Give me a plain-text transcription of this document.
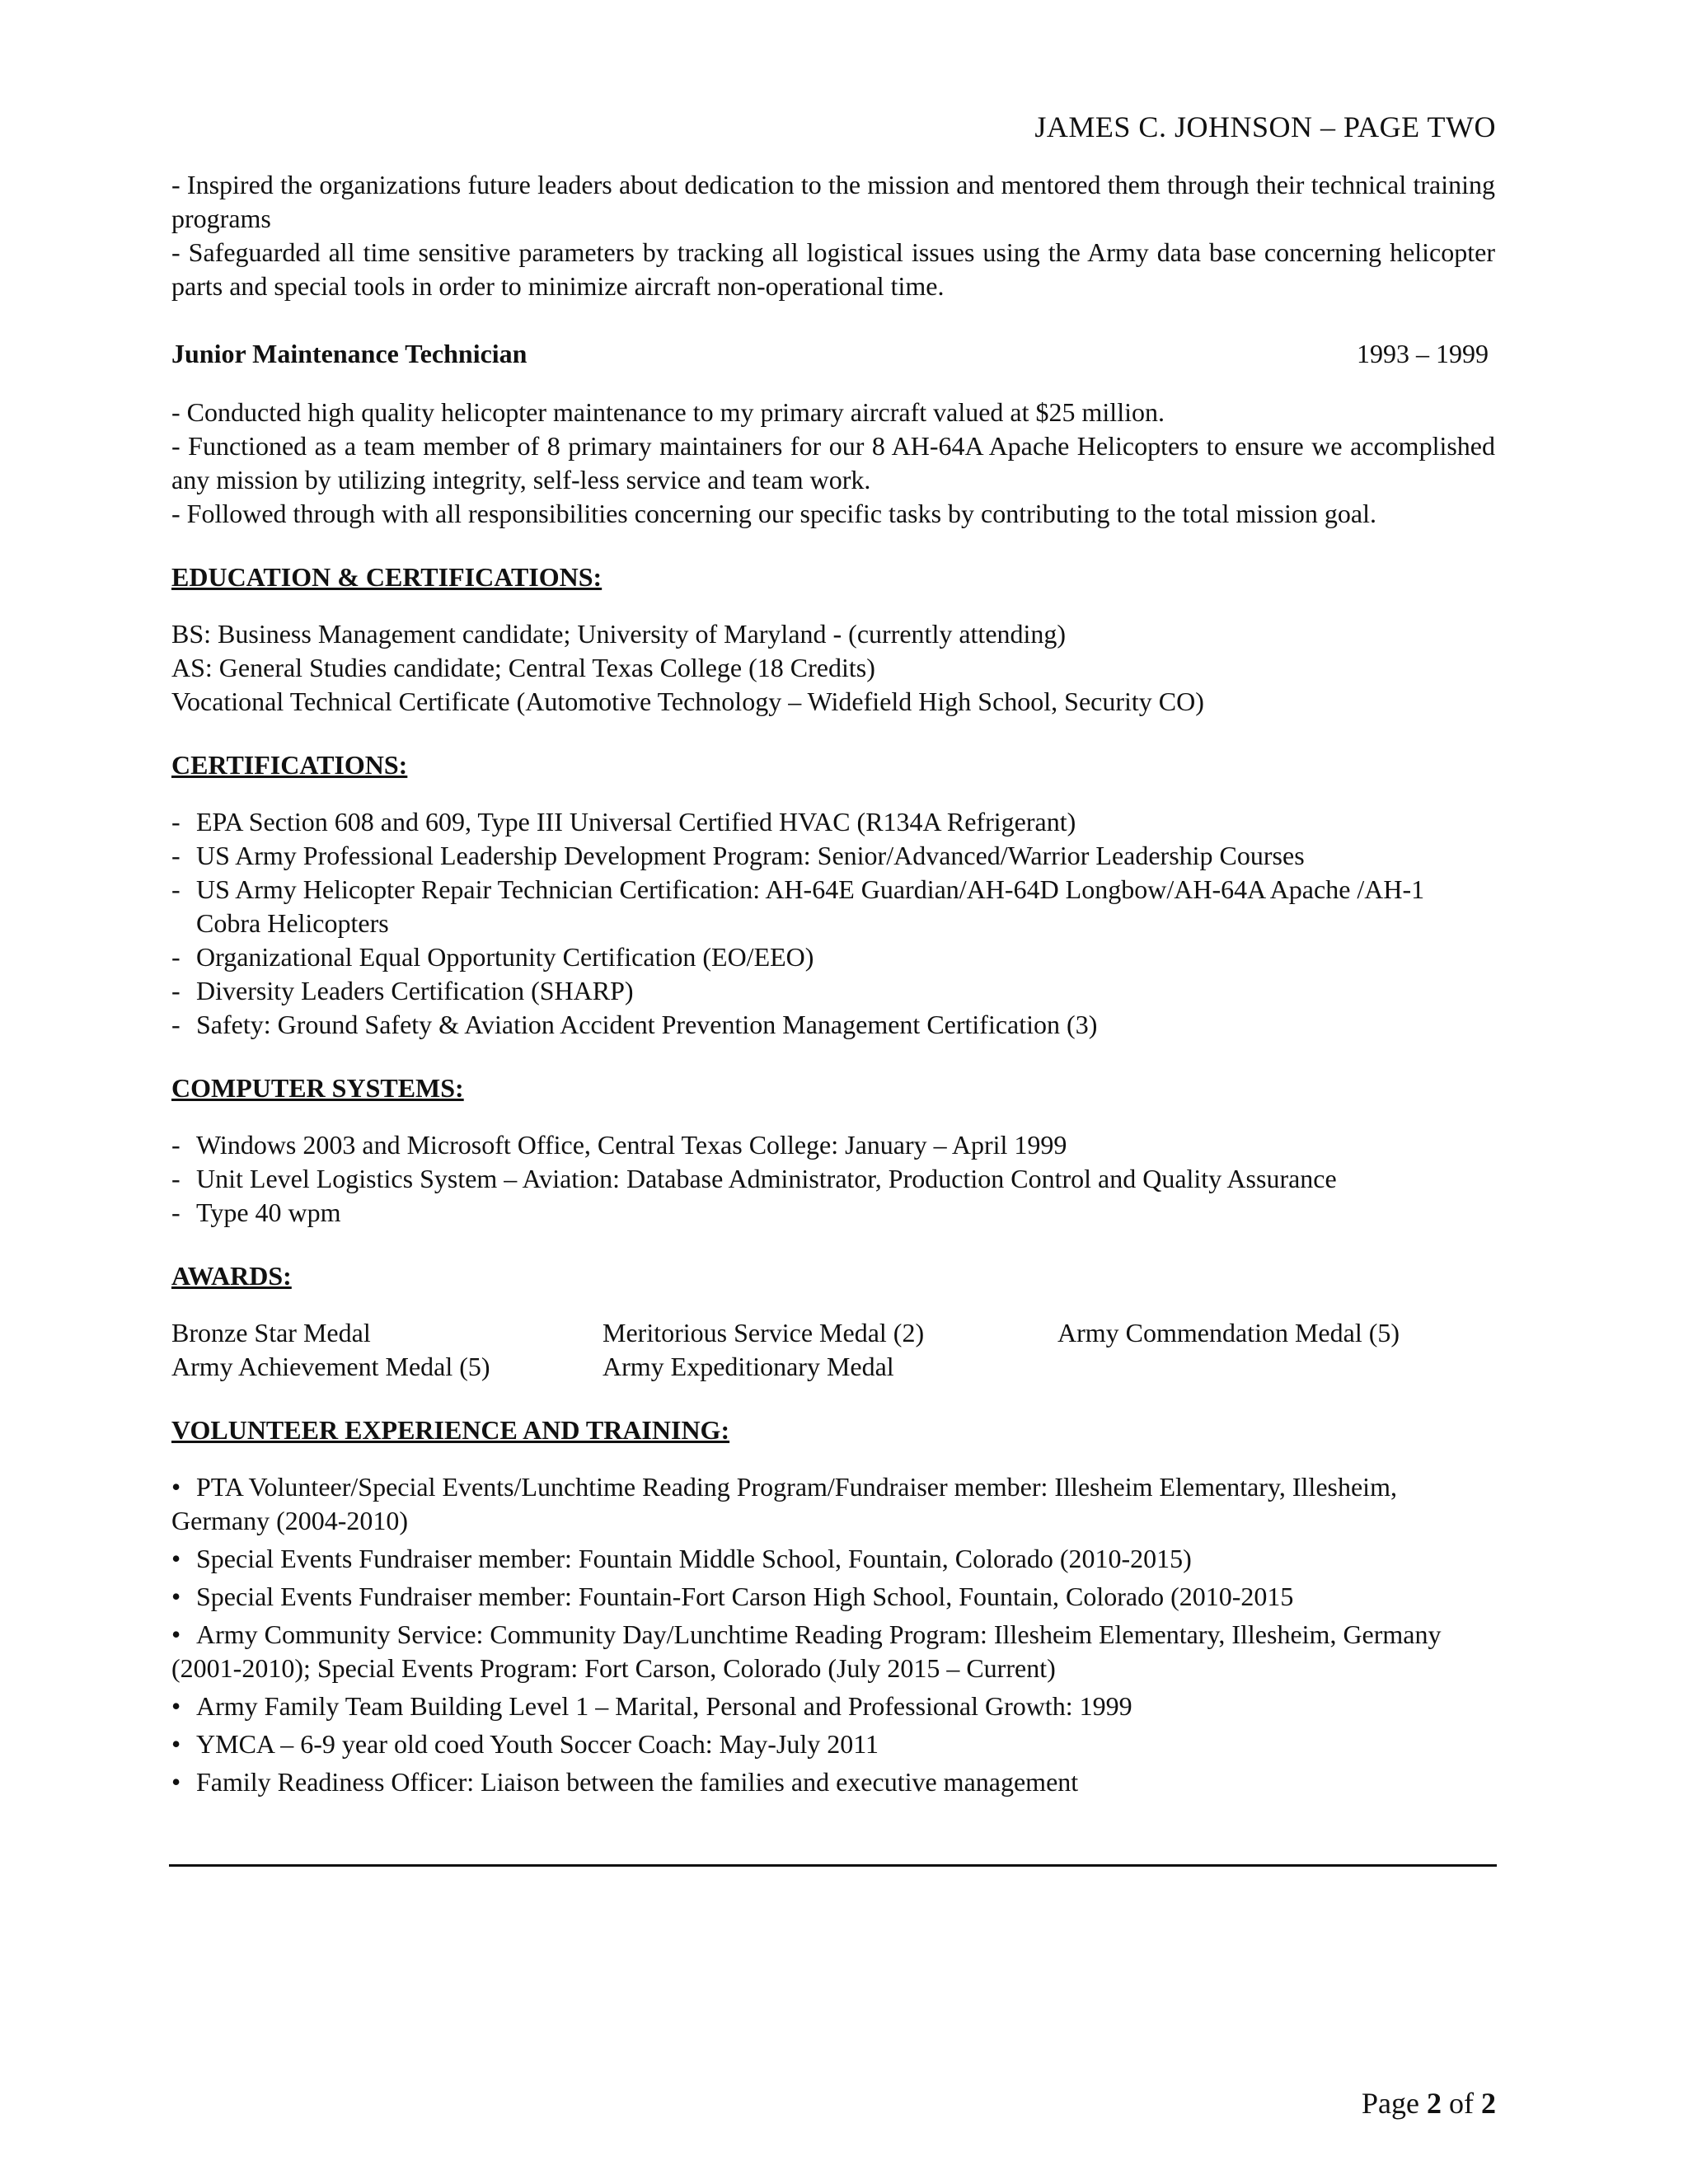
JAMES C. JOHNSON – PAGE TWO

- Inspired the organizations future leaders about dedication to the mission and mentored them through their technical training programs

- Safeguarded all time sensitive parameters by tracking all logistical issues using the Army data base concerning helicopter parts and special tools in order to minimize aircraft non-operational time.

Junior Maintenance Technician	1993 – 1999

- Conducted high quality helicopter maintenance to my primary aircraft valued at $25 million.

- Functioned as a team member of 8 primary maintainers for our 8 AH-64A Apache Helicopters to ensure we accomplished any mission by utilizing integrity, self-less service and team work.

- Followed through with all responsibilities concerning our specific tasks by contributing to the total mission goal.

EDUCATION & CERTIFICATIONS:

BS: Business Management candidate; University of Maryland - (currently attending)

AS: General Studies candidate; Central Texas College (18 Credits)

Vocational Technical Certificate (Automotive Technology – Widefield High School, Security CO)

CERTIFICATIONS:
- EPA Section 608 and 609, Type III Universal Certified HVAC (R134A Refrigerant)
- US Army Professional Leadership Development Program: Senior/Advanced/Warrior Leadership Courses
- US Army Helicopter Repair Technician Certification: AH-64E Guardian/AH-64D Longbow/AH-64A Apache /AH-1 Cobra Helicopters
- Organizational Equal Opportunity Certification (EO/EEO)
- Diversity Leaders Certification (SHARP)
- Safety: Ground Safety & Aviation Accident Prevention Management Certification (3)
COMPUTER SYSTEMS:
- Windows 2003 and Microsoft Office, Central Texas College: January – April 1999
- Unit Level Logistics System – Aviation: Database Administrator, Production Control and Quality Assurance
- Type 40 wpm
AWARDS:
Bronze Star Medal	Meritorious Service Medal (2)	Army Commendation Medal (5)
Army Achievement Medal (5)	Army Expeditionary Medal
VOLUNTEER EXPERIENCE AND TRAINING:

• PTA Volunteer/Special Events/Lunchtime Reading Program/Fundraiser member: Illesheim Elementary, Illesheim, Germany (2004-2010)

• Special Events Fundraiser member: Fountain Middle School, Fountain, Colorado (2010-2015)

• Special Events Fundraiser member: Fountain-Fort Carson High School, Fountain, Colorado (2010-2015

• Army Community Service: Community Day/Lunchtime Reading Program: Illesheim Elementary, Illesheim, Germany (2001-2010); Special Events Program: Fort Carson, Colorado (July 2015 – Current)

• Army Family Team Building Level 1 – Marital, Personal and Professional Growth: 1999

• YMCA – 6-9 year old coed Youth Soccer Coach: May-July 2011

• Family Readiness Officer: Liaison between the families and executive management

Page 2 of 2
